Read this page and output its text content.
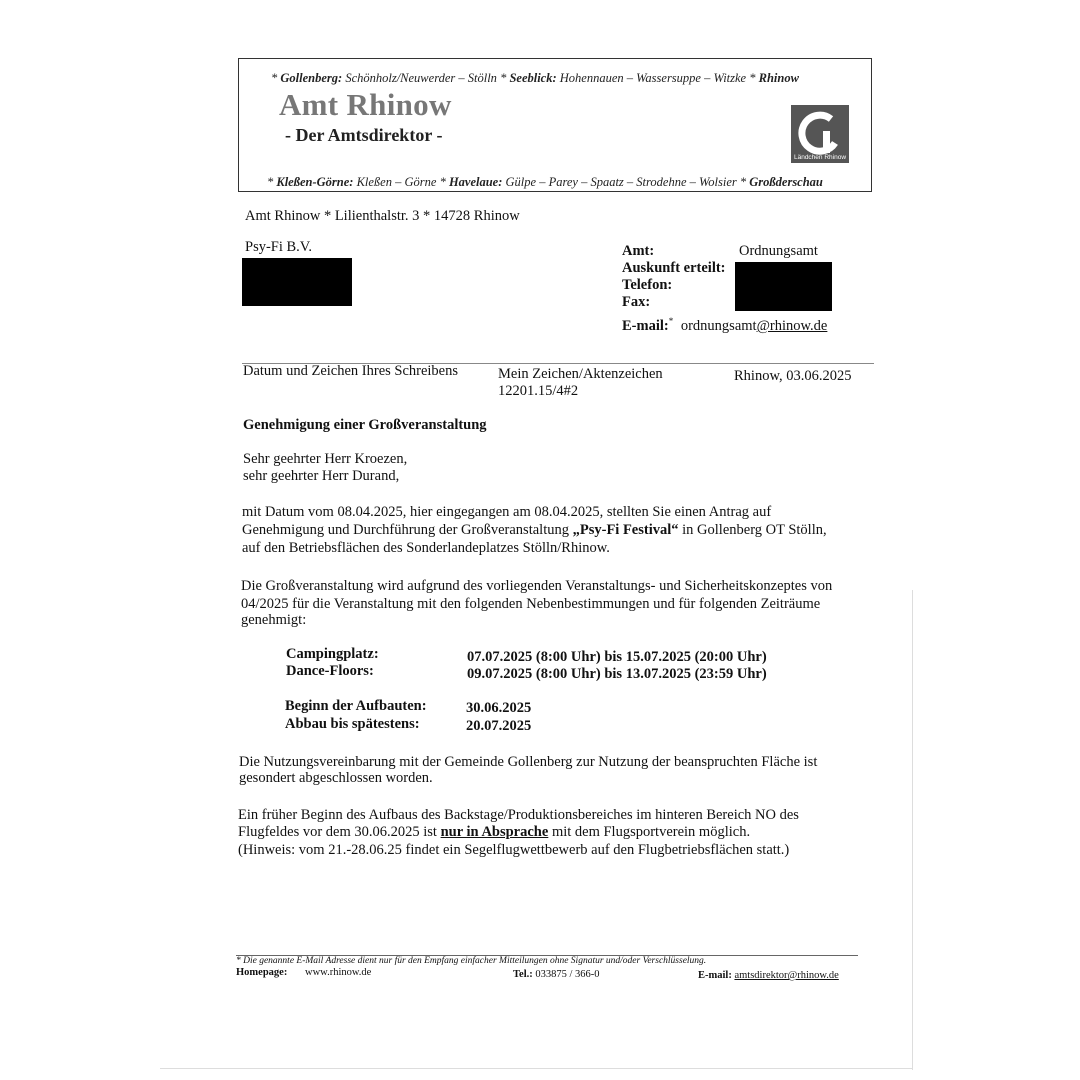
* Gollenberg: Schönholz/Neuwerder – Stölln * Seeblick: Hohennauen – Wassersuppe – Witzke * Rhinow
Amt Rhinow
- Der Amtsdirektor -
Ländchen Rhinow
* Kleßen-Görne: Kleßen – Görne * Havelaue: Gülpe – Parey – Spaatz – Strodehne – Wolsier * Großderschau
Amt Rhinow * Lilienthalstr. 3 * 14728 Rhinow
Psy-Fi B.V.	Amt:	Ordnungsamt
Auskunft erteilt:
Telefon:
Fax:
E-mail:* ordnungsamt@rhinow.de
Datum und Zeichen Ihres Schreibens	Mein Zeichen/Aktenzeichen
12201.15/4#2
Rhinow, 03.06.2025
Genehmigung einer Großveranstaltung
Sehr geehrter Herr Kroezen,
sehr geehrter Herr Durand,
mit Datum vom 08.04.2025, hier eingegangen am 08.04.2025, stellten Sie einen Antrag auf
Genehmigung und Durchführung der Großveranstaltung „Psy-Fi Festival“ in Gollenberg OT Stölln,
auf den Betriebsflächen des Sonderlandeplatzes Stölln/Rhinow.
Die Großveranstaltung wird aufgrund des vorliegenden Veranstaltungs- und Sicherheitskonzeptes von
04/2025 für die Veranstaltung mit den folgenden Nebenbestimmungen und für folgenden Zeiträume
genehmigt:
Campingplatz:	07.07.2025 (8:00 Uhr) bis 15.07.2025 (20:00 Uhr)
Dance-Floors:	09.07.2025 (8:00 Uhr) bis 13.07.2025 (23:59 Uhr)
Beginn der Aufbauten:	30.06.2025
Abbau bis spätestens:	20.07.2025
Die Nutzungsvereinbarung mit der Gemeinde Gollenberg zur Nutzung der beanspruchten Fläche ist
gesondert abgeschlossen worden.
Ein früher Beginn des Aufbaus des Backstage/Produktionsbereiches im hinteren Bereich NO des
Flugfeldes vor dem 30.06.2025 ist nur in Absprache mit dem Flugsportverein möglich.
(Hinweis: vom 21.-28.06.25 findet ein Segelflugwettbewerb auf den Flugbetriebsflächen statt.)
* Die genannte E-Mail Adresse dient nur für den Empfang einfacher Mitteilungen ohne Signatur und/oder Verschlüsselung.
Homepage: www.rhinow.de	Tel.: 033875 / 366-0	E-mail: amtsdirektor@rhinow.de
